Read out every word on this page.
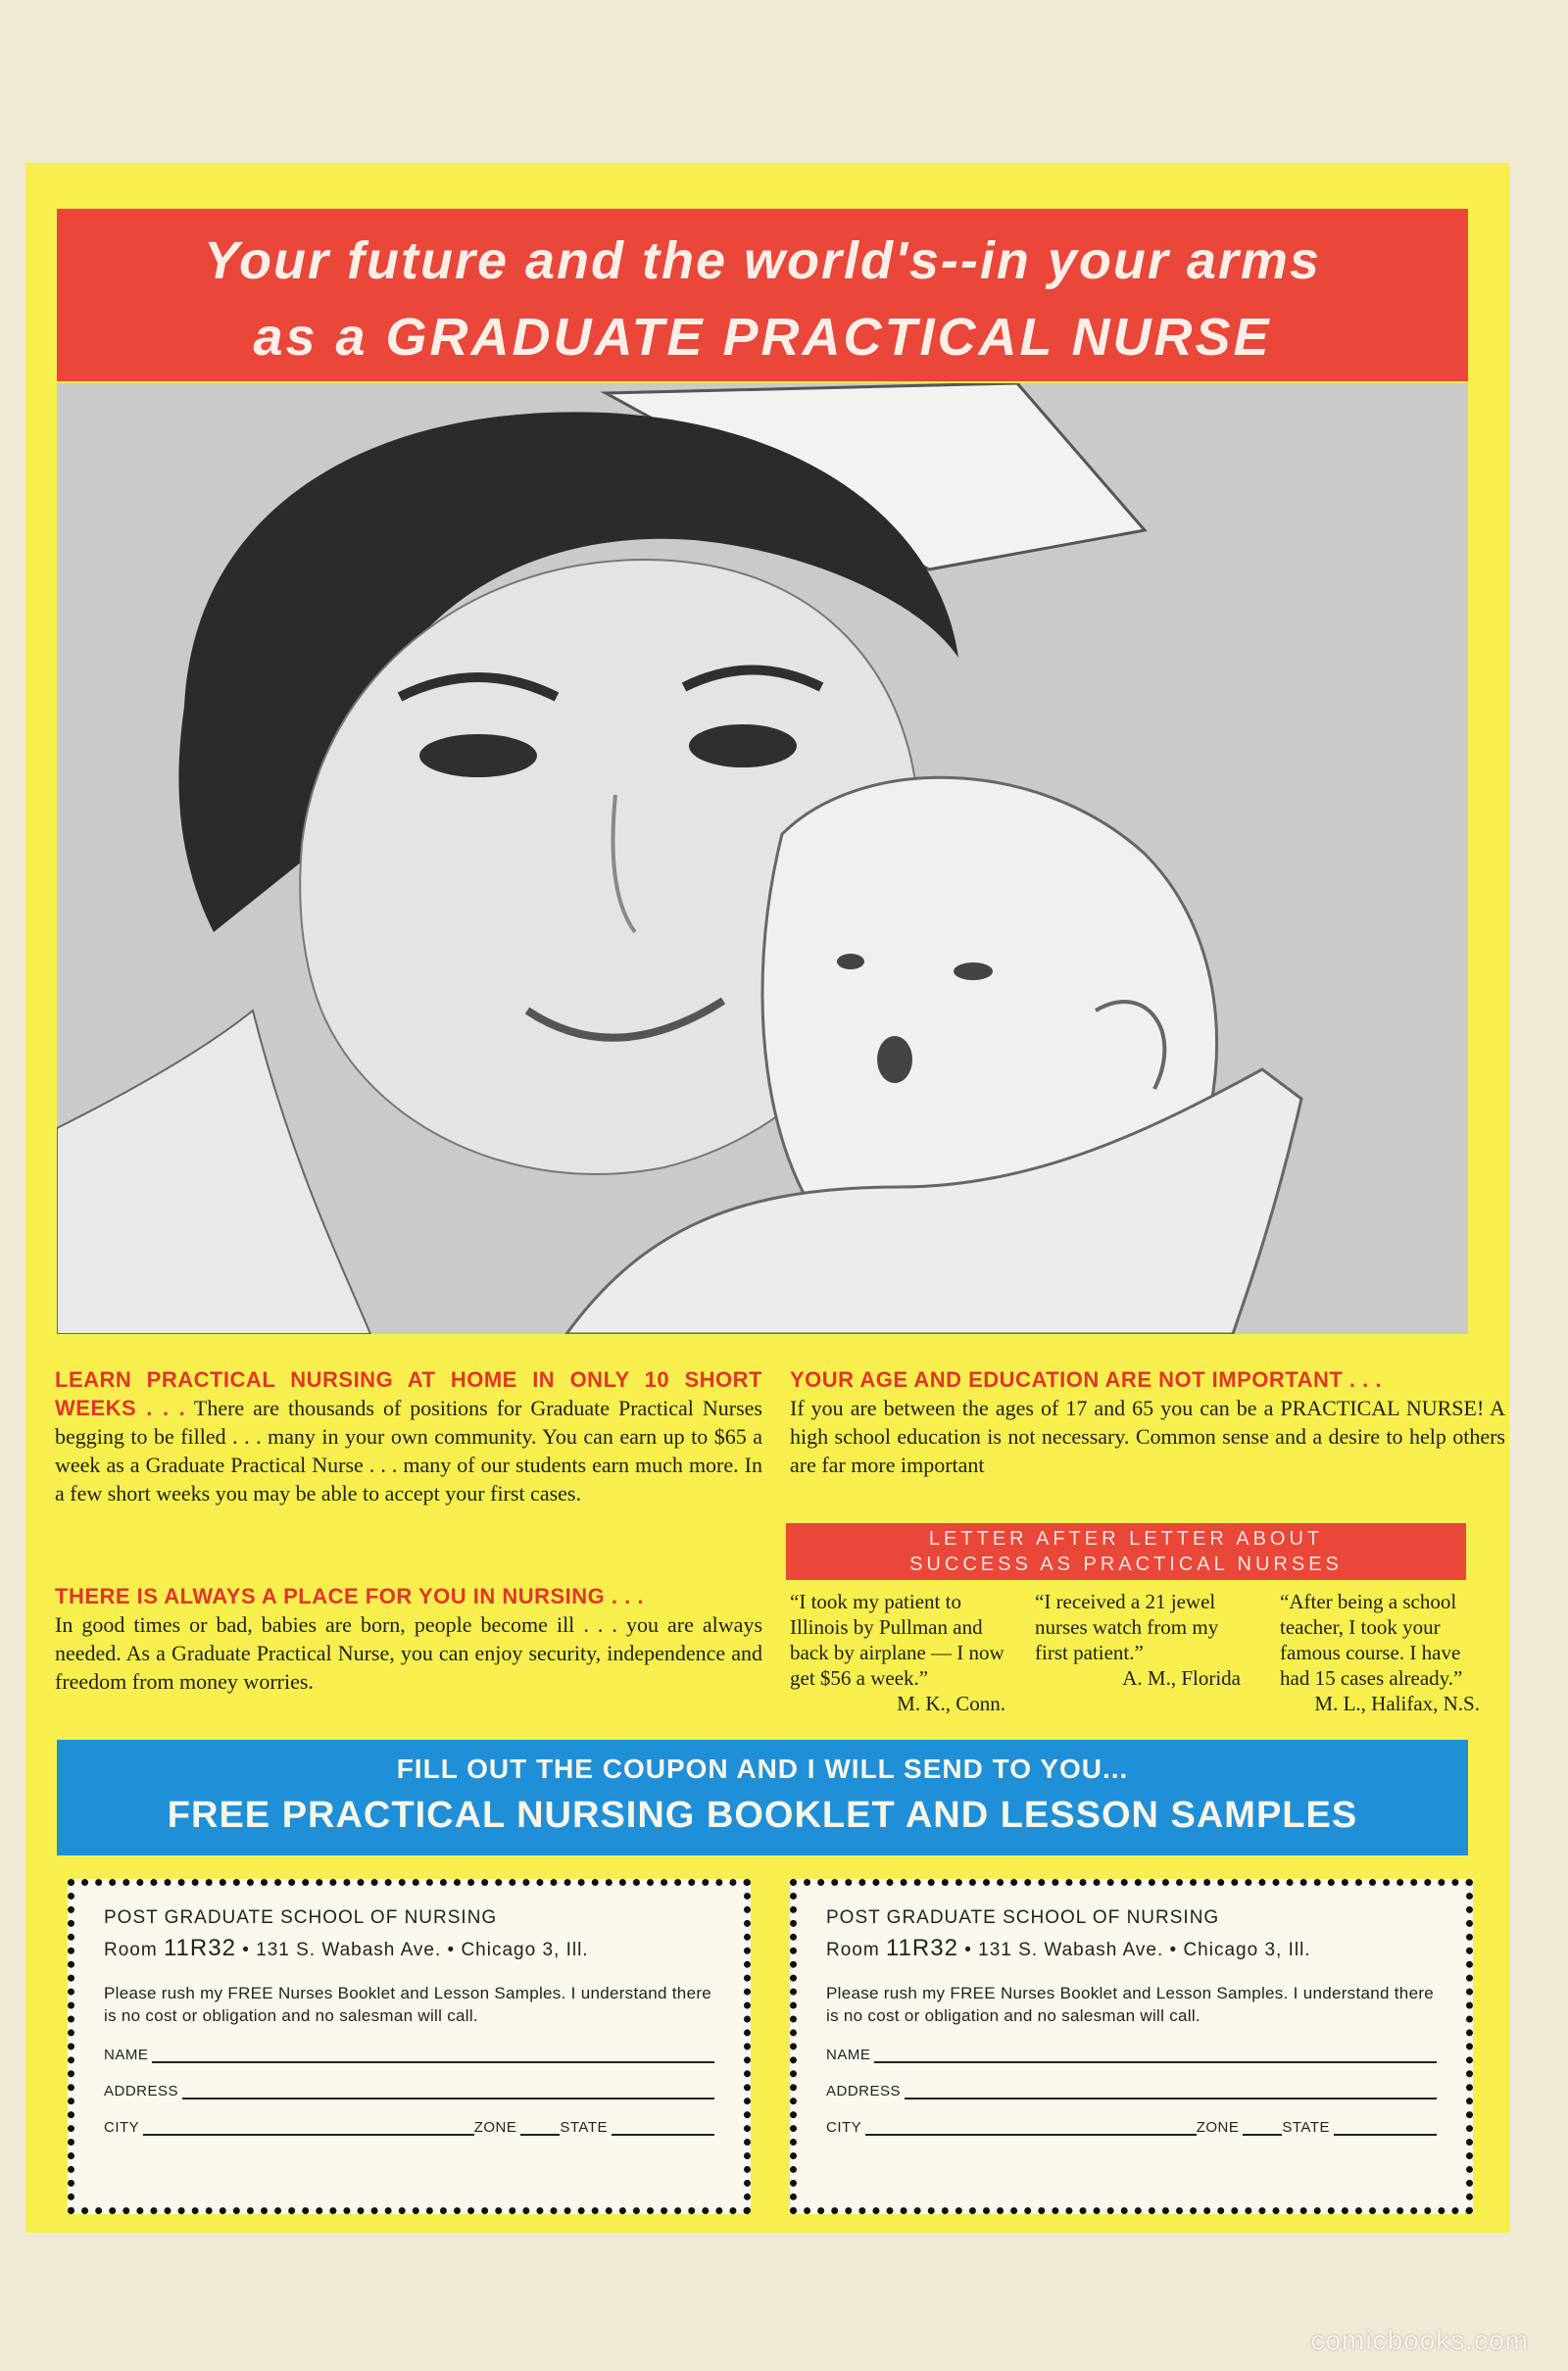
Your future and the world's--in your arms
as a GRADUATE PRACTICAL NURSE

LEARN PRACTICAL NURSING AT HOME IN ONLY 10 SHORT WEEKS . . . There are thousands of positions for Graduate Practical Nurses begging to be filled . . . many in your own community. You can earn up to $65 a week as a Graduate Practical Nurse . . . many of our students earn much more. In a few short weeks you may be able to accept your first cases.

THERE IS ALWAYS A PLACE FOR YOU IN NURSING . . .

In good times or bad, babies are born, people become ill . . . you are always needed. As a Graduate Practical Nurse, you can enjoy security, independence and freedom from money worries.

YOUR AGE AND EDUCATION ARE NOT IMPORTANT . . .

If you are between the ages of 17 and 65 you can be a PRACTICAL NURSE! A high school education is not necessary. Common sense and a desire to help others are far more important

LETTER AFTER LETTER ABOUT
SUCCESS AS PRACTICAL NURSES

“I took my patient to Illinois by Pullman and back by airplane — I now get $56 a week.”

M. K., Conn.

“I received a 21 jewel nurses watch from my first patient.”

A. M., Florida

“After being a school teacher, I took your famous course. I have had 15 cases already.”

M. L., Halifax, N.S.

FILL OUT THE COUPON AND I WILL SEND TO YOU...
FREE PRACTICAL NURSING BOOKLET AND LESSON SAMPLES
POST GRADUATE SCHOOL OF NURSING
Room 11R32 • 131 S. Wabash Ave. • Chicago 3, Ill.
Please rush my FREE Nurses Booklet and Lesson Samples. I understand there is no cost or obligation and no salesman will call.
NAME
ADDRESS
CITY	ZONE	STATE
POST GRADUATE SCHOOL OF NURSING
Room 11R32 • 131 S. Wabash Ave. • Chicago 3, Ill.
Please rush my FREE Nurses Booklet and Lesson Samples. I understand there is no cost or obligation and no salesman will call.
NAME
ADDRESS
CITY	ZONE	STATE
comicbooks.com
